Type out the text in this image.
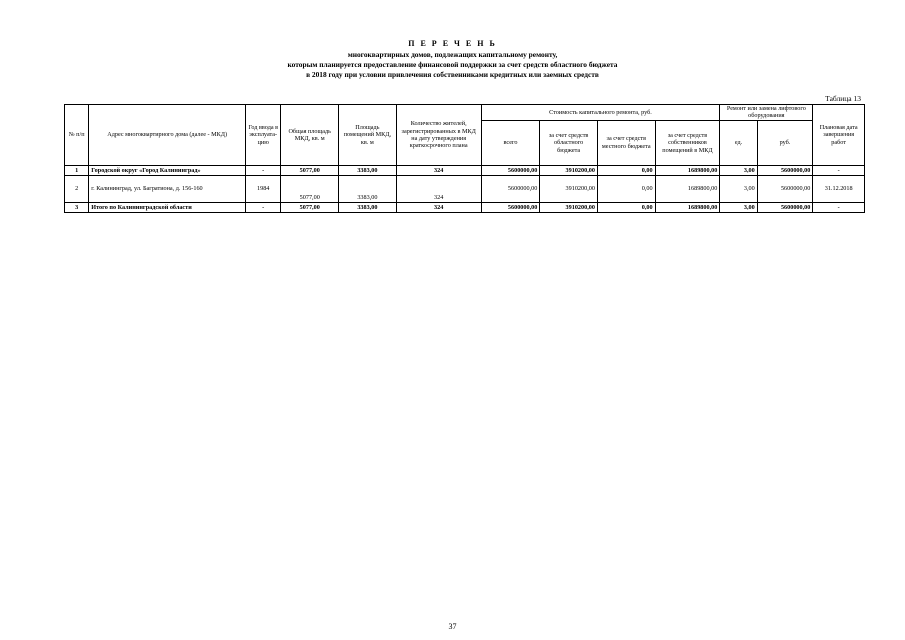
П Е Р Е Ч Е Н Ь
многоквартирных домов, подлежащих капитальному ремонту,
которым планируется предоставление финансовой поддержки за счет средств областного бюджета
в 2018 году при условии привлечения собственниками кредитных или заемных средств
Таблица 13
№ п/п	Адрес многоквартирного дома (далее - МКД)	Год ввода в эксплуата-цию	Общая площадь МКД, кв. м	Площадь помещений МКД, кв. м	Количество жителей, зарегистрированных в МКД на дату утверждения краткосрочного плана	Стоимость капитального ремонта, руб.				Ремонт или замена лифтового оборудования		Плановая дата завершения работ
						всего	за счет средств областного бюджета	за счет средств местного бюджета	за счет средств собственников помещений в МКД	ед.	руб.	
1	Городской округ «Город Калининград»	-	5077,00	3383,00	324	5600000,00	3910200,00	0,00	1689800,00	3,00	5600000,00	-
2	г. Калининград, ул. Багратиона, д. 156-160	1984	5077,00	3383,00	324	5600000,00	3910200,00	0,00	1689800,00	3,00	5600000,00	31.12.2018
3	Итого по Калининградской области	-	5077,00	3383,00	324	5600000,00	3910200,00	0,00	1689800,00	3,00	5600000,00	-
37
